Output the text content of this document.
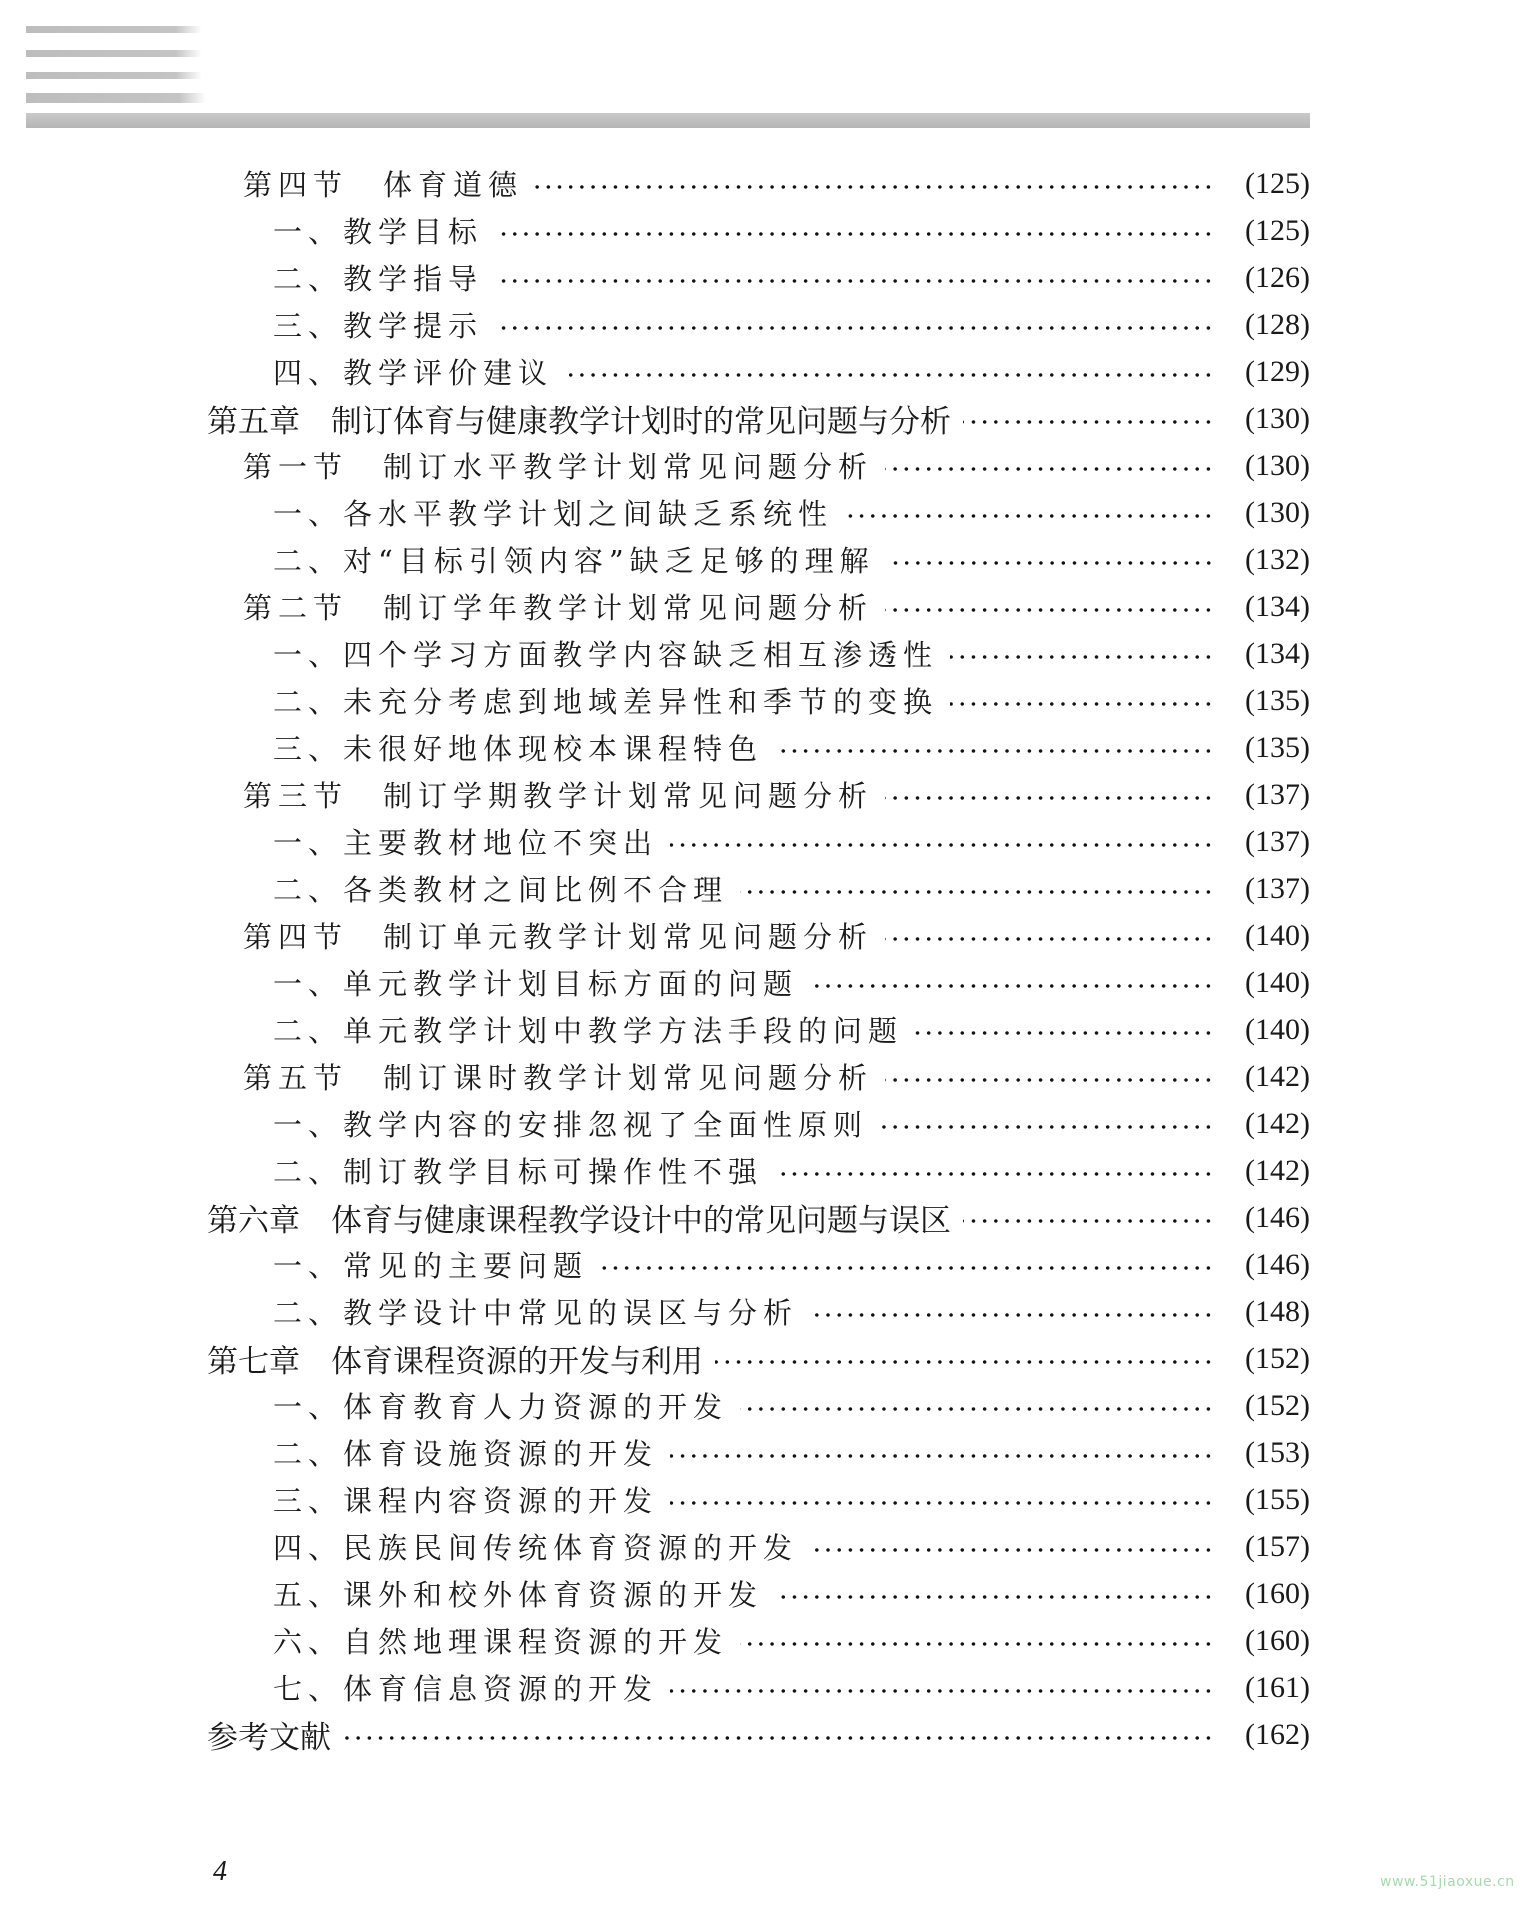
第四节　体育道德	(125)
一、教学目标	(125)
二、教学指导	(126)
三、教学提示	(128)
四、教学评价建议	(129)
第五章　制订体育与健康教学计划时的常见问题与分析	(130)
第一节　制订水平教学计划常见问题分析	(130)
一、各水平教学计划之间缺乏系统性	(130)
二、对“目标引领内容”缺乏足够的理解	(132)
第二节　制订学年教学计划常见问题分析	(134)
一、四个学习方面教学内容缺乏相互渗透性	(134)
二、未充分考虑到地域差异性和季节的变换	(135)
三、未很好地体现校本课程特色	(135)
第三节　制订学期教学计划常见问题分析	(137)
一、主要教材地位不突出	(137)
二、各类教材之间比例不合理	(137)
第四节　制订单元教学计划常见问题分析	(140)
一、单元教学计划目标方面的问题	(140)
二、单元教学计划中教学方法手段的问题	(140)
第五节　制订课时教学计划常见问题分析	(142)
一、教学内容的安排忽视了全面性原则	(142)
二、制订教学目标可操作性不强	(142)
第六章　体育与健康课程教学设计中的常见问题与误区	(146)
一、常见的主要问题	(146)
二、教学设计中常见的误区与分析	(148)
第七章　体育课程资源的开发与利用	(152)
一、体育教育人力资源的开发	(152)
二、体育设施资源的开发	(153)
三、课程内容资源的开发	(155)
四、民族民间传统体育资源的开发	(157)
五、课外和校外体育资源的开发	(160)
六、自然地理课程资源的开发	(160)
七、体育信息资源的开发	(161)
参考文献	(162)
4	www.51jiaoxue.cn
